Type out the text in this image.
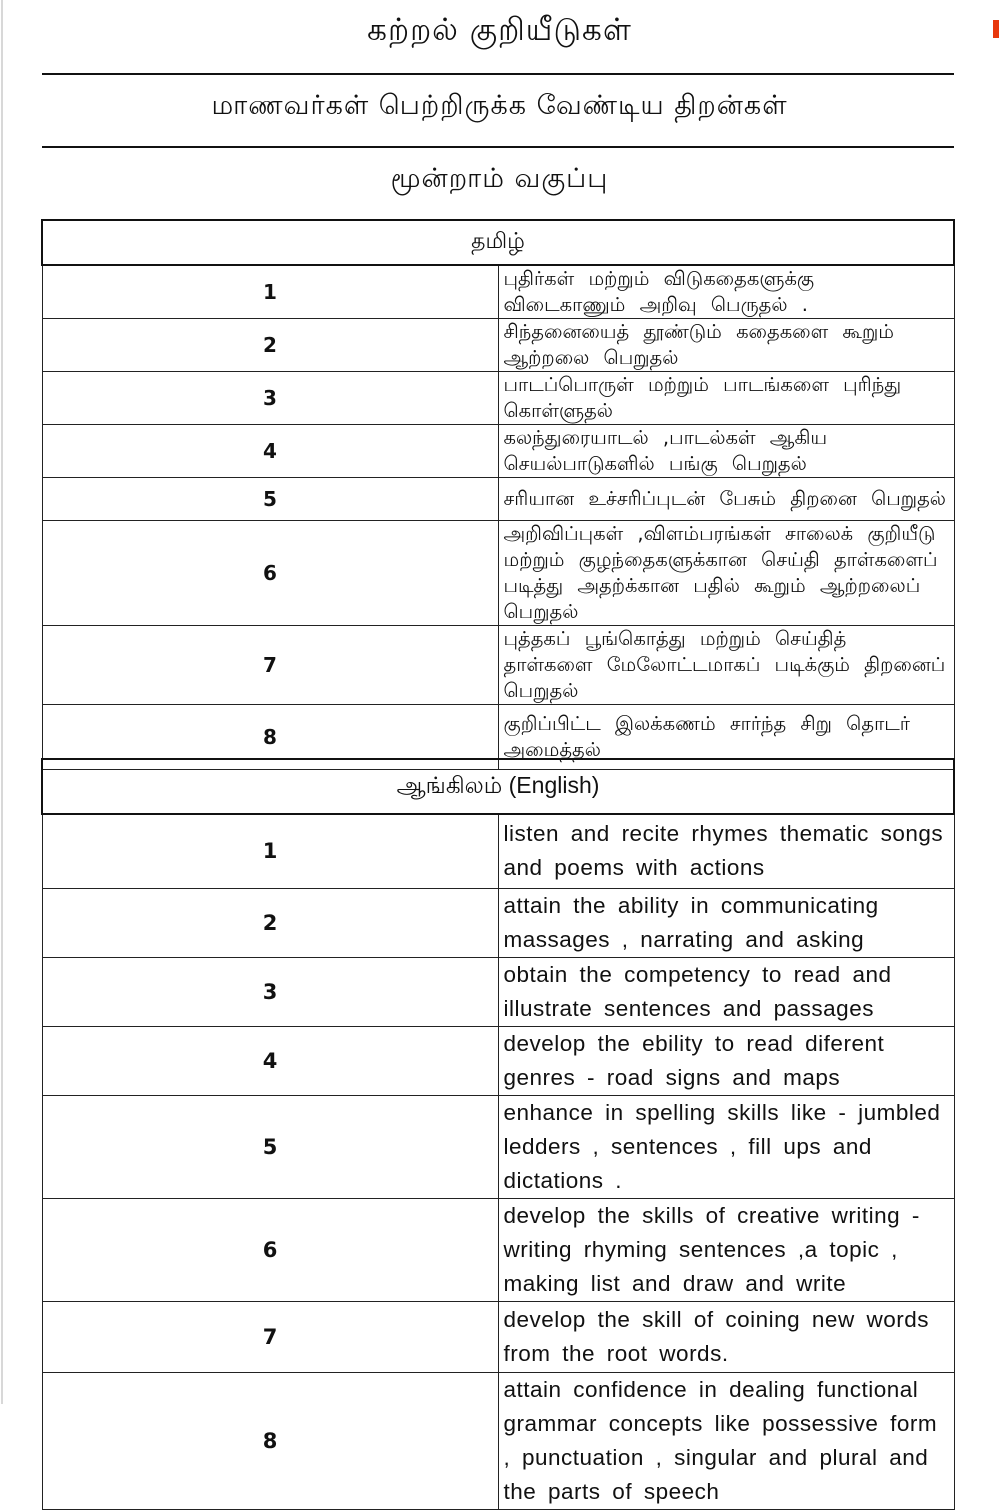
கற்றல் குறியீடுகள்
மாணவர்கள் பெற்றிருக்க வேண்டிய திறன்கள்
மூன்றாம் வகுப்பு
தமிழ்	
1	புதிர்கள் மற்றும் விடுகதைகளுக்கு விடைகாணும் அறிவு பெருதல் .
2	சிந்தனையைத் தூண்டும் கதைகளை கூறும் ஆற்றலை பெறுதல்
3	பாடப்பொருள் மற்றும் பாடங்களை புரிந்து கொள்ளுதல்
4	கலந்துரையாடல் ,பாடல்கள் ஆகிய செயல்பாடுகளில் பங்கு பெறுதல்
5	சரியான உச்சரிப்புடன் பேசும் திறனை பெறுதல்
6	அறிவிப்புகள் ,விளம்பரங்கள் சாலைக் குறியீடு மற்றும் குழந்தைகளுக்கான செய்தி தாள்களைப் படித்து அதற்க்கான பதில் கூறும் ஆற்றலைப் பெறுதல்
7	புத்தகப் பூங்கொத்து மற்றும் செய்தித் தாள்களை மேலோட்டமாகப் படிக்கும் திறனைப் பெறுதல்
8	குறிப்பிட்ட இலக்கணம் சார்ந்த சிறு தொடர் அமைத்தல்
ஆங்கிலம் (English)	
1	listen and recite rhymes thematic songs and poems with actions
2	attain the ability in communicating massages , narrating and asking
3	obtain the competency to read and illustrate sentences and passages
4	develop the ebility to read diferent genres - road signs and maps
5	enhance in spelling skills like - jumbled ledders , sentences , fill ups and dictations .
6	develop the skills of creative writing - writing rhyming sentences ,a topic , making list and draw and write
7	develop the skill of coining new words from the root words.
8	attain confidence in dealing functional grammar concepts like possessive form , punctuation , singular and plural and the parts of speech
